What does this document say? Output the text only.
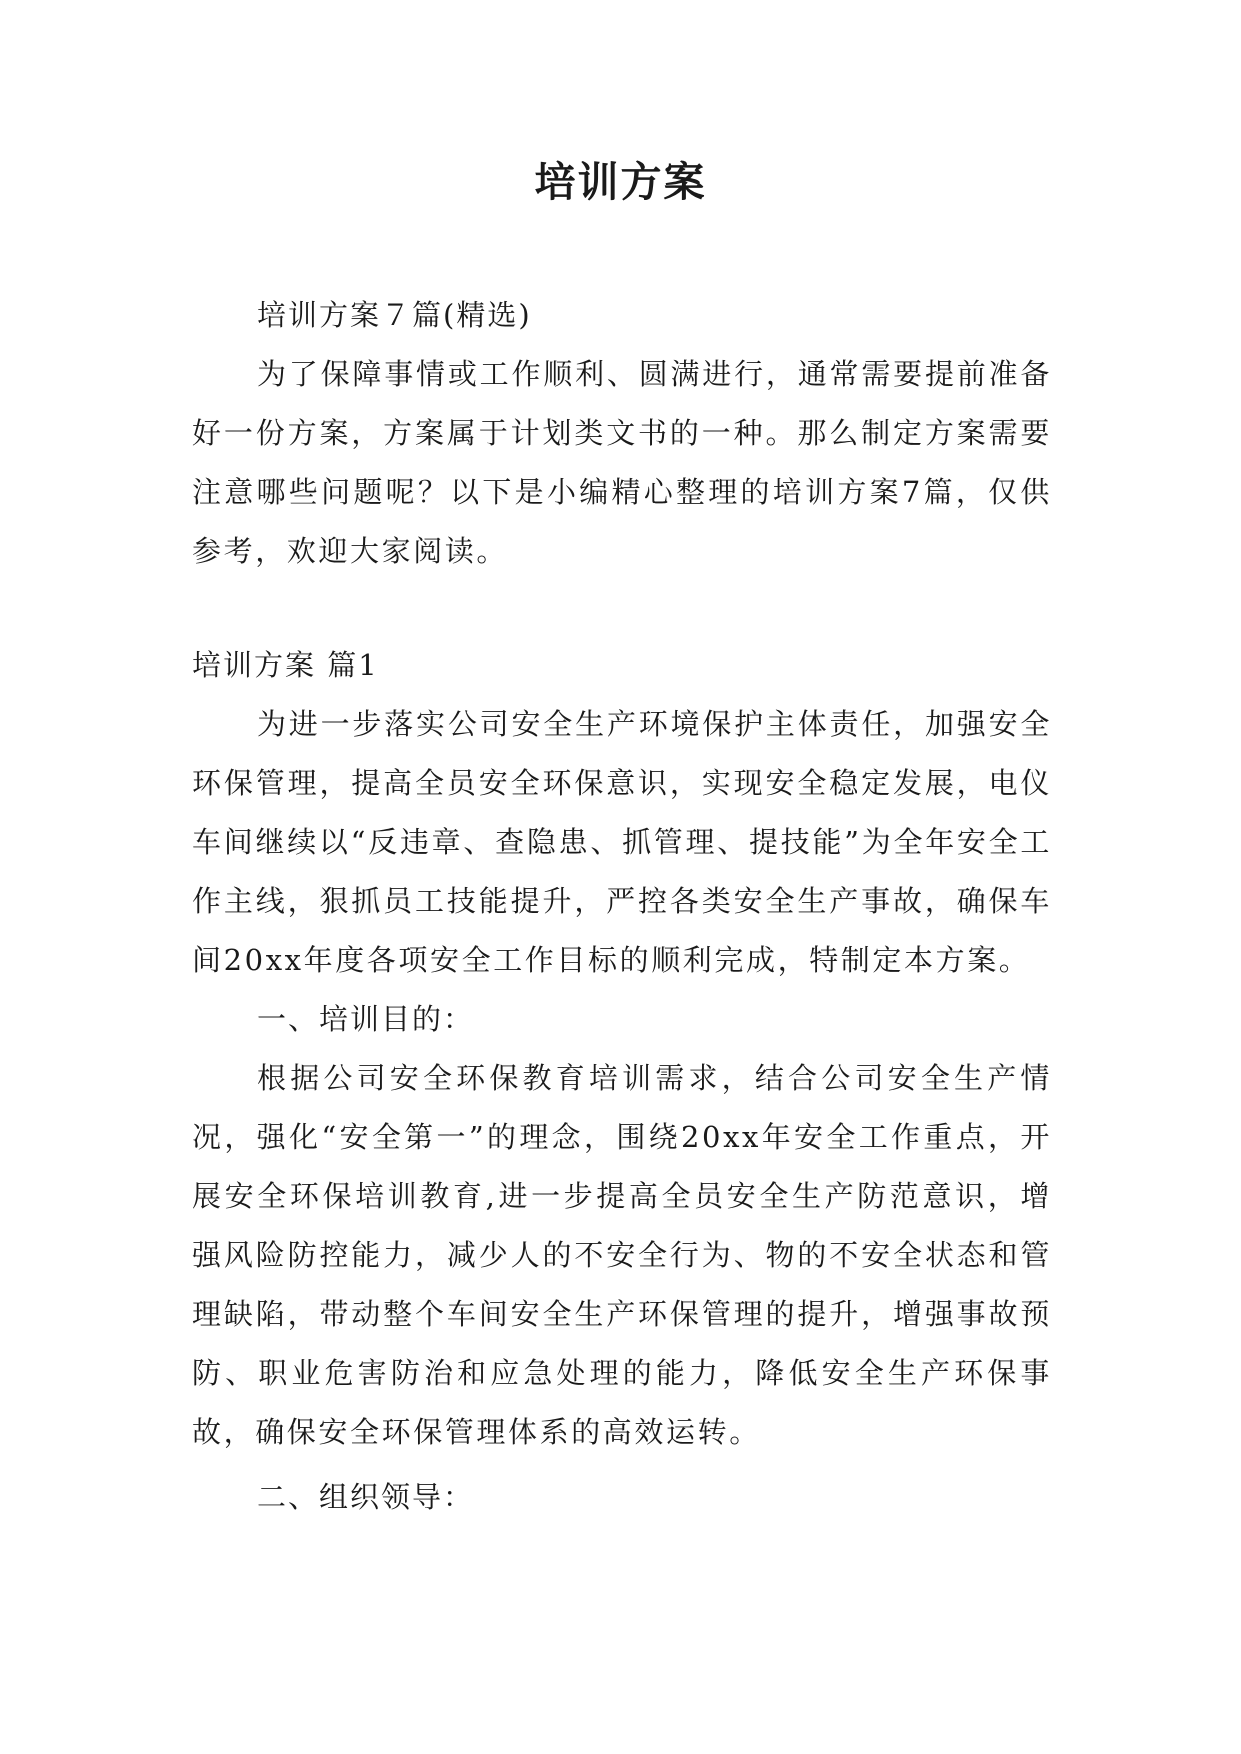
培训方案

培训方案７篇(精选)

为了保障事情或工作顺利、圆满进行，通常需要提前准备好一份方案，方案属于计划类文书的一种。那么制定方案需要注意哪些问题呢？以下是小编精心整理的培训方案7篇，仅供参考，欢迎大家阅读。

培训方案 篇1

为进一步落实公司安全生产环境保护主体责任，加强安全环保管理，提高全员安全环保意识，实现安全稳定发展，电仪车间继续以“反违章、查隐患、抓管理、提技能”为全年安全工作主线，狠抓员工技能提升，严控各类安全生产事故，确保车间20xx年度各项安全工作目标的顺利完成，特制定本方案。

一、培训目的：

根据公司安全环保教育培训需求，结合公司安全生产情况，强化“安全第一”的理念，围绕20xx年安全工作重点，开展安全环保培训教育,进一步提高全员安全生产防范意识，增强风险防控能力，减少人的不安全行为、物的不安全状态和管理缺陷，带动整个车间安全生产环保管理的提升，增强事故预防、职业危害防治和应急处理的能力，降低安全生产环保事故，确保安全环保管理体系的高效运转。

二、组织领导：
